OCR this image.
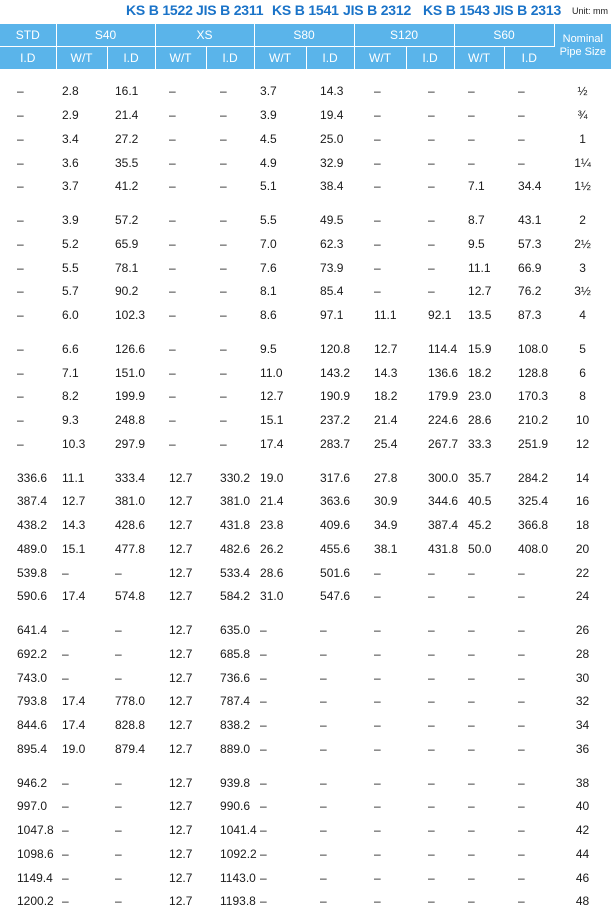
KS B 1522 JIS B 2311 KS B 1541 JIS B 2312 KS B 1543 JIS B 2313 Unit: mm
STD	S40		XS		S80		S120		S60		Nominal Pipe Size
I.D	W/T	I.D	W/T	I.D	W/T	I.D	W/T	I.D	W/T	I.D	
–	2.8	16.1	–	–	3.7	14.3	–	–	–	–	½
–	2.9	21.4	–	–	3.9	19.4	–	–	–	–	¾
–	3.4	27.2	–	–	4.5	25.0	–	–	–	–	1
–	3.6	35.5	–	–	4.9	32.9	–	–	–	–	1¼
–	3.7	41.2	–	–	5.1	38.4	–	–	7.1	34.4	1½
–	3.9	57.2	–	–	5.5	49.5	–	–	8.7	43.1	2
–	5.2	65.9	–	–	7.0	62.3	–	–	9.5	57.3	2½
–	5.5	78.1	–	–	7.6	73.9	–	–	11.1	66.9	3
–	5.7	90.2	–	–	8.1	85.4	–	–	12.7	76.2	3½
–	6.0	102.3	–	–	8.6	97.1	11.1	92.1	13.5	87.3	4
–	6.6	126.6	–	–	9.5	120.8	12.7	114.4	15.9	108.0	5
–	7.1	151.0	–	–	11.0	143.2	14.3	136.6	18.2	128.8	6
–	8.2	199.9	–	–	12.7	190.9	18.2	179.9	23.0	170.3	8
–	9.3	248.8	–	–	15.1	237.2	21.4	224.6	28.6	210.2	10
–	10.3	297.9	–	–	17.4	283.7	25.4	267.7	33.3	251.9	12
336.6	11.1	333.4	12.7	330.2	19.0	317.6	27.8	300.0	35.7	284.2	14
387.4	12.7	381.0	12.7	381.0	21.4	363.6	30.9	344.6	40.5	325.4	16
438.2	14.3	428.6	12.7	431.8	23.8	409.6	34.9	387.4	45.2	366.8	18
489.0	15.1	477.8	12.7	482.6	26.2	455.6	38.1	431.8	50.0	408.0	20
539.8	–	–	12.7	533.4	28.6	501.6	–	–	–	–	22
590.6	17.4	574.8	12.7	584.2	31.0	547.6	–	–	–	–	24
641.4	–	–	12.7	635.0	–	–	–	–	–	–	26
692.2	–	–	12.7	685.8	–	–	–	–	–	–	28
743.0	–	–	12.7	736.6	–	–	–	–	–	–	30
793.8	17.4	778.0	12.7	787.4	–	–	–	–	–	–	32
844.6	17.4	828.8	12.7	838.2	–	–	–	–	–	–	34
895.4	19.0	879.4	12.7	889.0	–	–	–	–	–	–	36
946.2	–	–	12.7	939.8	–	–	–	–	–	–	38
997.0	–	–	12.7	990.6	–	–	–	–	–	–	40
1047.8	–	–	12.7	1041.4	–	–	–	–	–	–	42
1098.6	–	–	12.7	1092.2	–	–	–	–	–	–	44
1149.4	–	–	12.7	1143.0	–	–	–	–	–	–	46
1200.2	–	–	12.7	1193.8	–	–	–	–	–	–	48
